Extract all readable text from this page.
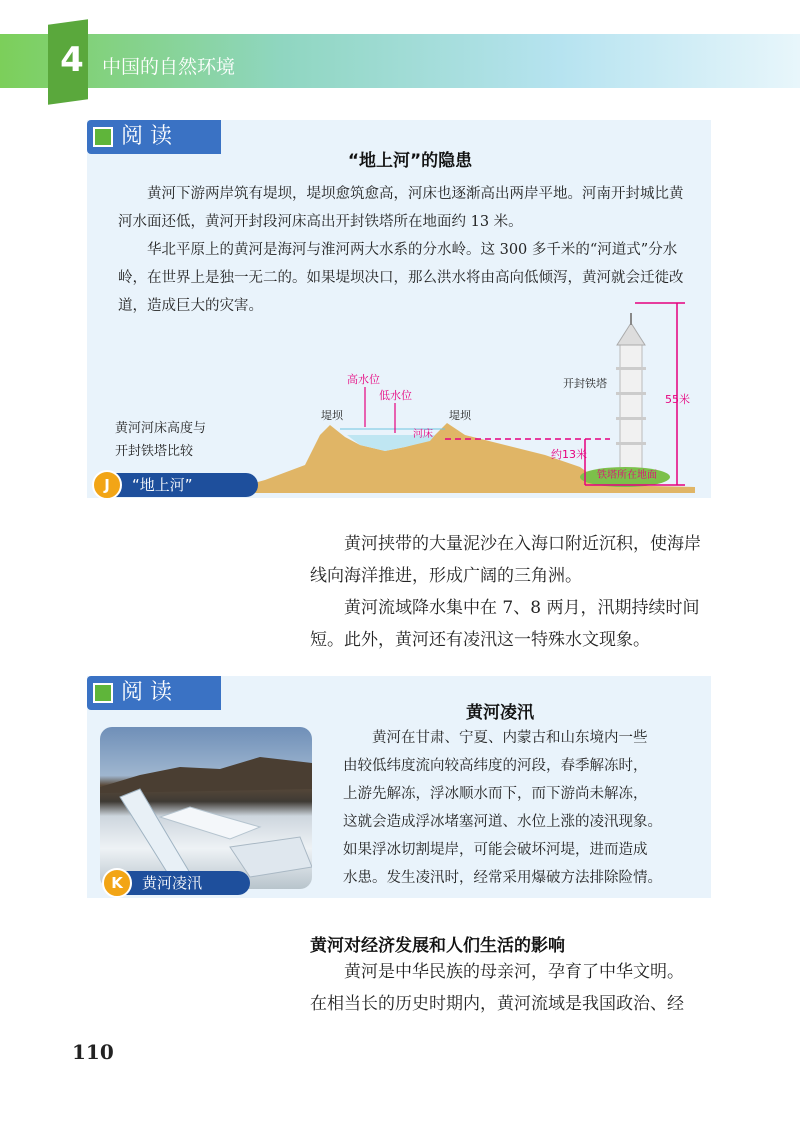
4 中国的自然环境
阅 读
“地上河”的隐患
黄河下游两岸筑有堤坝，堤坝愈筑愈高，河床也逐渐高出两岸平地。河南开封城比黄河水面还低，黄河开封段河床高出开封铁塔所在地面约 13 米。
华北平原上的黄河是海河与淮河两大水系的分水岭。这 300 多千米的“河道式”分水岭，在世界上是独一无二的。如果堤坝决口，那么洪水将由高向低倾泻，黄河就会迁徙改道，造成巨大的灾害。
高水位
低水位
堤坝	堤坝
河床
开封铁塔
55米
约13米
铁塔所在地面
黄河河床高度与
开封铁塔比较
“地上河”
J
黄河挟带的大量泥沙在入海口附近沉积，使海岸线向海洋推进，形成广阔的三角洲。
黄河流域降水集中在 7、8 两月，汛期持续时间短。此外，黄河还有凌汛这一特殊水文现象。
阅 读
黄河凌汛
黄河凌汛
K
黄河在甘肃、宁夏、内蒙古和山东境内一些
由较低纬度流向较高纬度的河段，春季解冻时，
上游先解冻，浮冰顺水而下，而下游尚未解冻，
这就会造成浮冰堵塞河道、水位上涨的凌汛现象。
如果浮冰切割堤岸，可能会破坏河堤，进而造成
水患。发生凌汛时，经常采用爆破方法排除险情。
黄河对经济发展和人们生活的影响
黄河是中华民族的母亲河，孕育了中华文明。
在相当长的历史时期内，黄河流域是我国政治、经
110
